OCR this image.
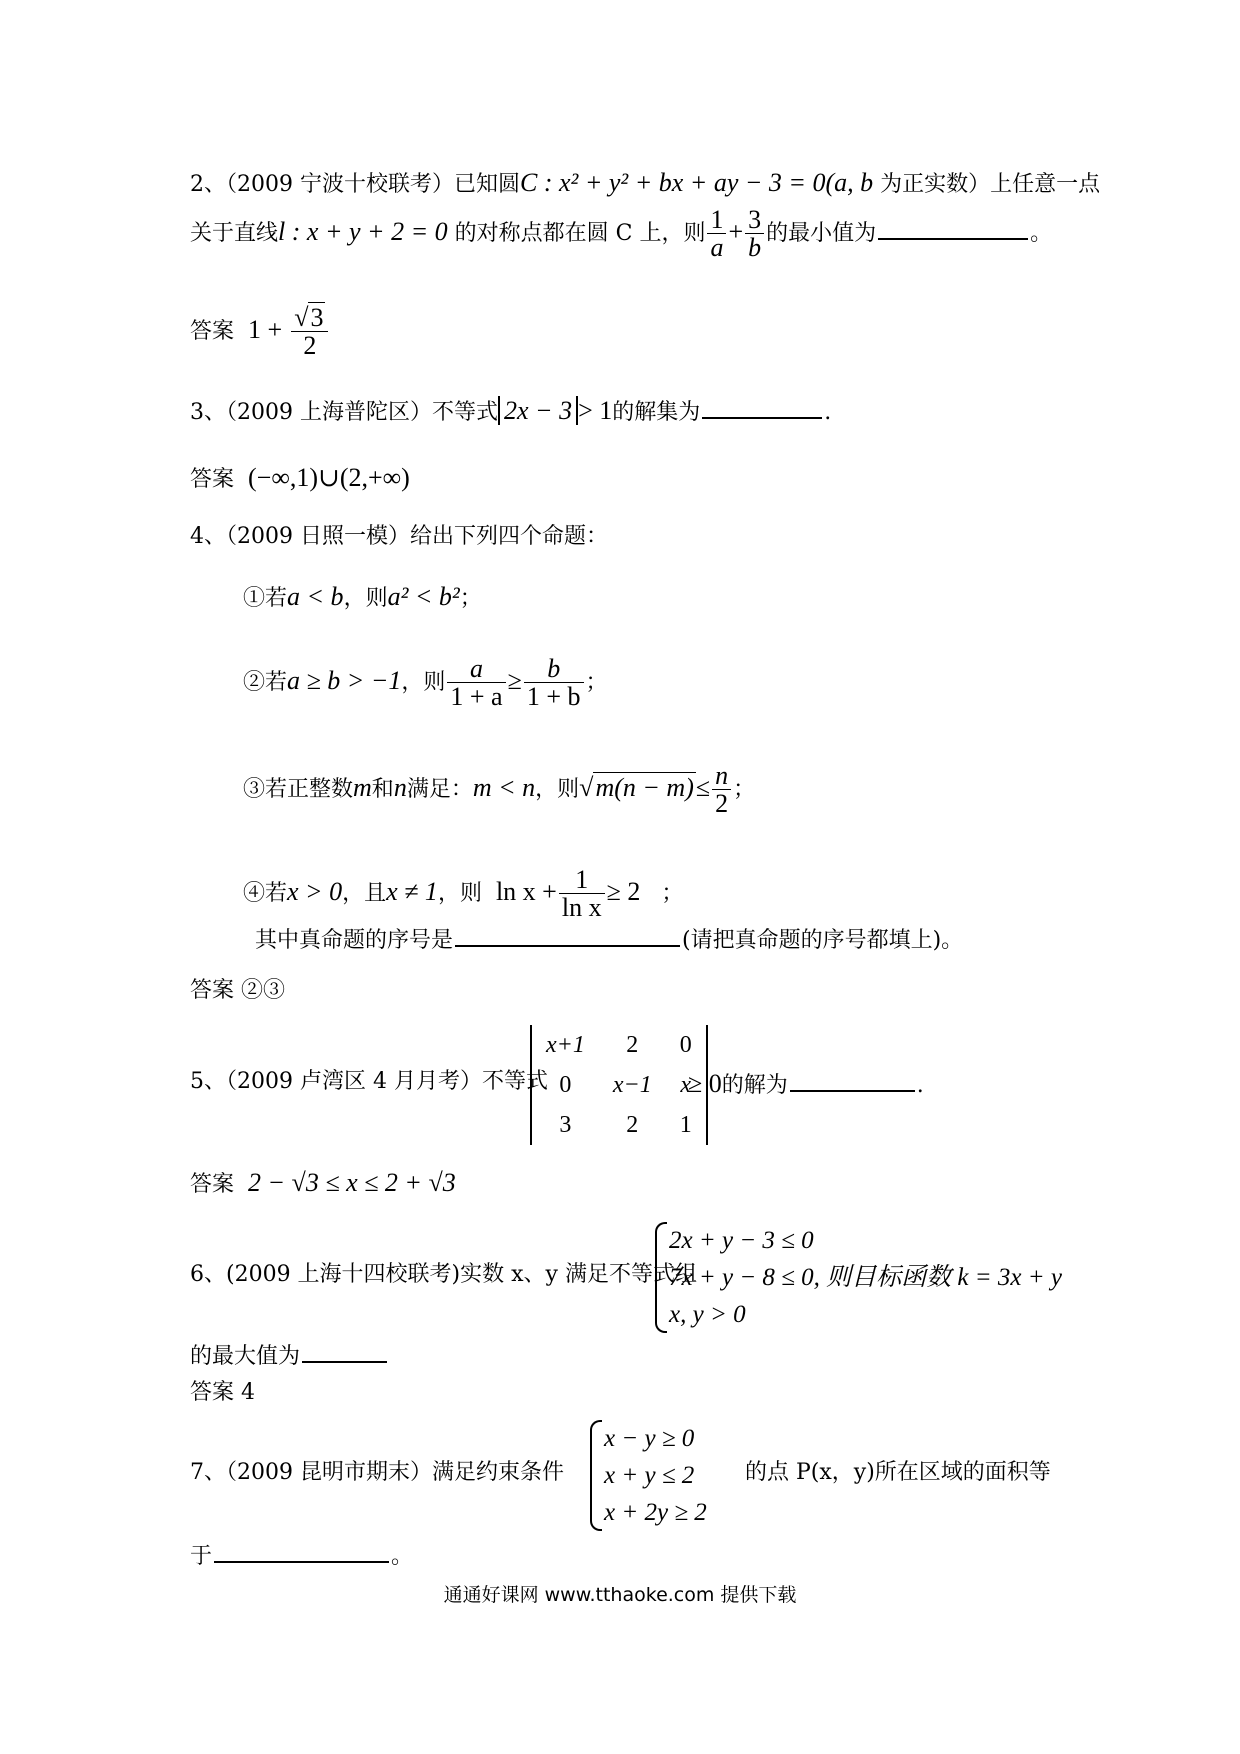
2、（2009 宁波十校联考）已知圆C : x² + y² + bx + ay − 3 = 0(a, b 为正实数）上任意一点
关于直线l : x + y + 2 = 0 的对称点都在圆 C 上，则 $\frac{1}{a} + \frac{3}{b}$ 的最小值为	。
答案 $1 + \frac{√3}{2}$
3、（2009 上海普陀区）不等式 2x − 3 > 1的解集为	.
答案 (−∞,1)∪(2,+∞)
4、（2009 日照一模）给出下列四个命题：
①若a < b，则a² < b²；
②若a ≥ b > −1，则 $\frac{a}{1 + a} \ge \frac{b}{1 + b}$ ；
③若正整数m和n满足：m < n，则$√m(n - m)\le \frac{n}{2}$ ；
④若x > 0，且x ≠ 1，则 $\ln x + \frac{1}{\text{ln x}} \ge 2$ ；
其中真命题的序号是	(请把真命题的序号都填上)。
答案 ②③
5、（2009 卢湾区 4 月月考）不等式
x+1	2	0
0	x−1	x
3	2	1
≥ 0的解为	.
答案 2 − √3 ≤ x ≤ 2 + √3
6、(2009 上海十四校联考)实数 x、y 满足不等式组
2x + y − 3 ≤ 0
7x + y − 8 ≤ 0, 则目标函数 k = 3x + y
x, y > 0
的最大值为
答案 4
7、（2009 昆明市期末）满足约束条件
x − y ≥ 0
x + y ≤ 2
x + 2y ≥ 2
的点 P(x，y)所在区域的面积等
于	。
通通好课网 www.tthaoke.com 提供下载
